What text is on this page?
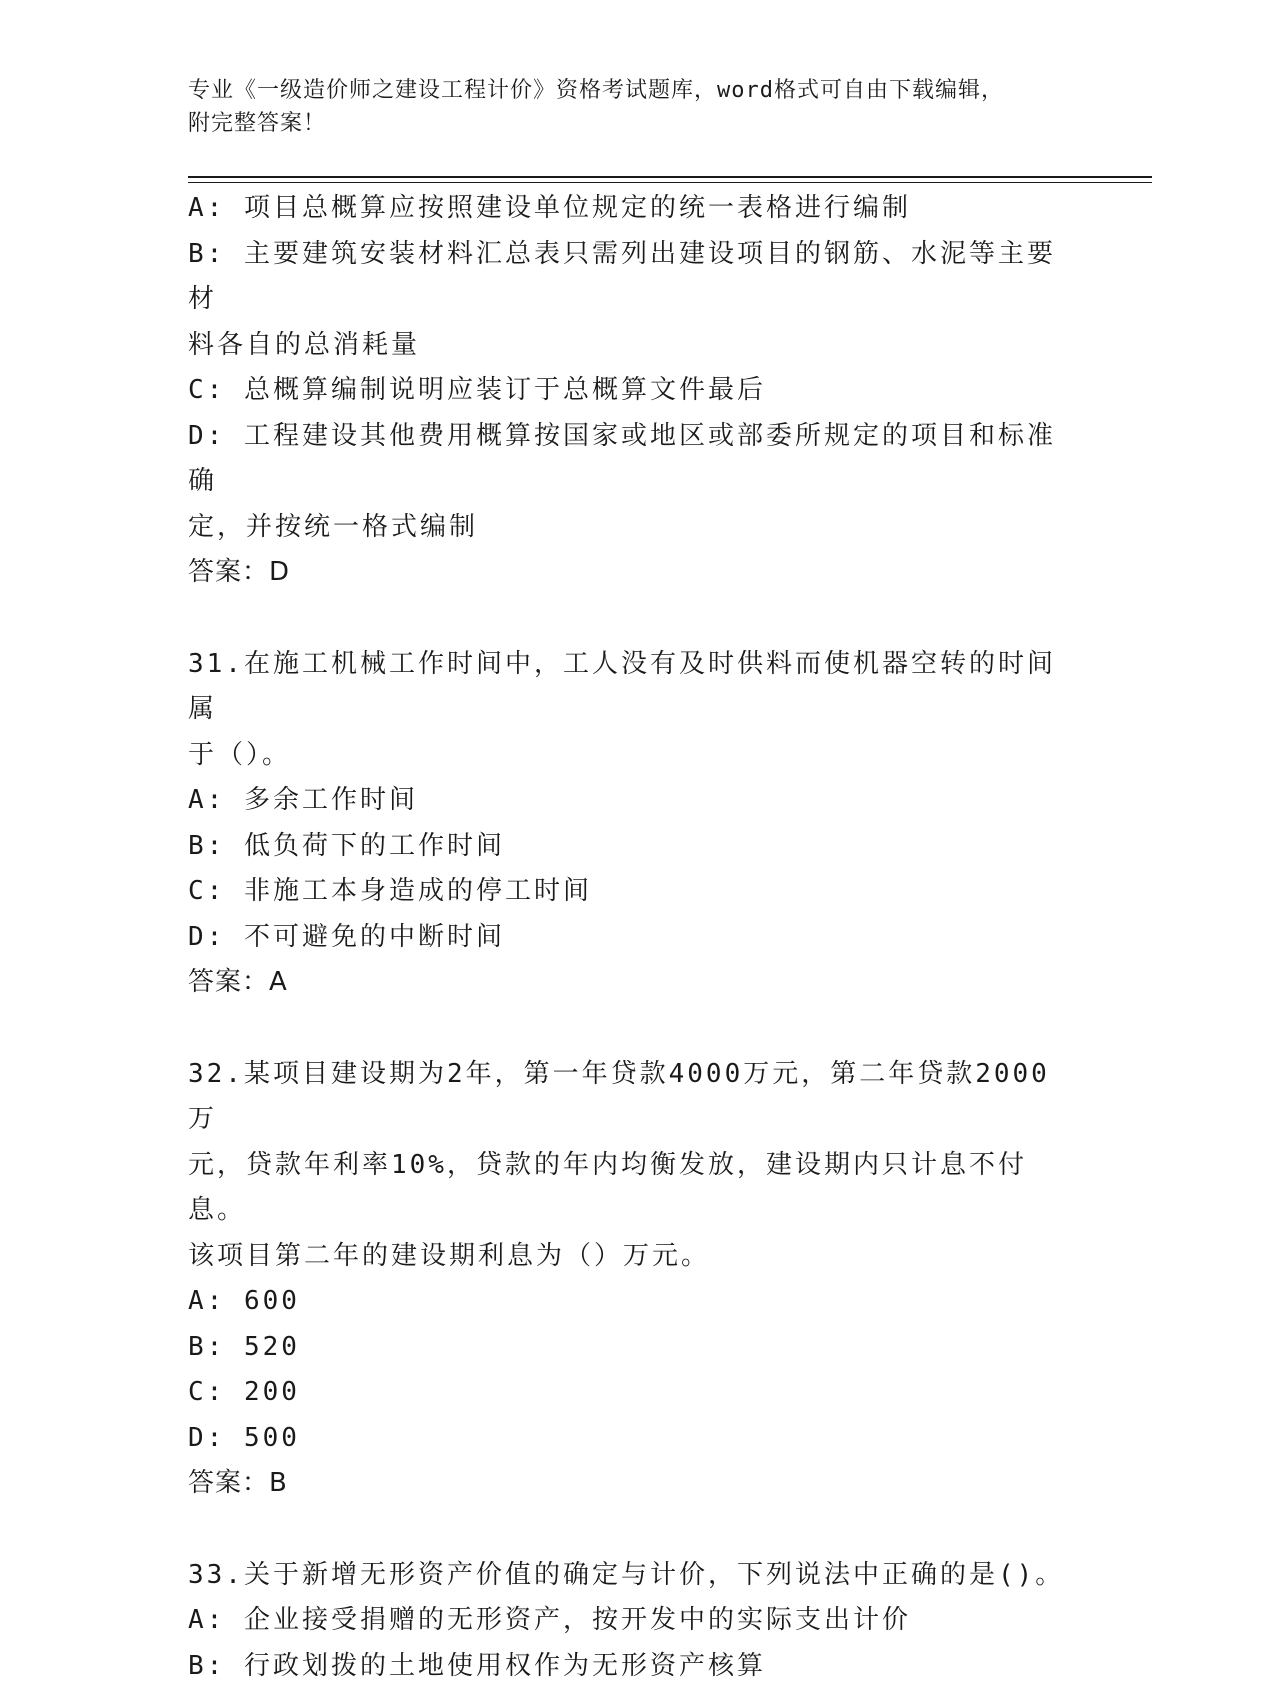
专业《一级造价师之建设工程计价》资格考试题库，word格式可自由下载编辑，
附完整答案！
A: 项目总概算应按照建设单位规定的统一表格进行编制
B: 主要建筑安装材料汇总表只需列出建设项目的钢筋、水泥等主要材
料各自的总消耗量
C: 总概算编制说明应装订于总概算文件最后
D: 工程建设其他费用概算按国家或地区或部委所规定的项目和标准确
定，并按统一格式编制
答案：D
31.在施工机械工作时间中，工人没有及时供料而使机器空转的时间属
于（）。
A: 多余工作时间
B: 低负荷下的工作时间
C: 非施工本身造成的停工时间
D: 不可避免的中断时间
答案：A
32.某项目建设期为2年，第一年贷款4000万元，第二年贷款2000万
元，贷款年利率10%，贷款的年内均衡发放，建设期内只计息不付息。
该项目第二年的建设期利息为（）万元。
A: 600
B: 520
C: 200
D: 500
答案：B
33.关于新增无形资产价值的确定与计价，下列说法中正确的是()。
A: 企业接受捐赠的无形资产，按开发中的实际支出计价
B: 行政划拨的土地使用权作为无形资产核算
